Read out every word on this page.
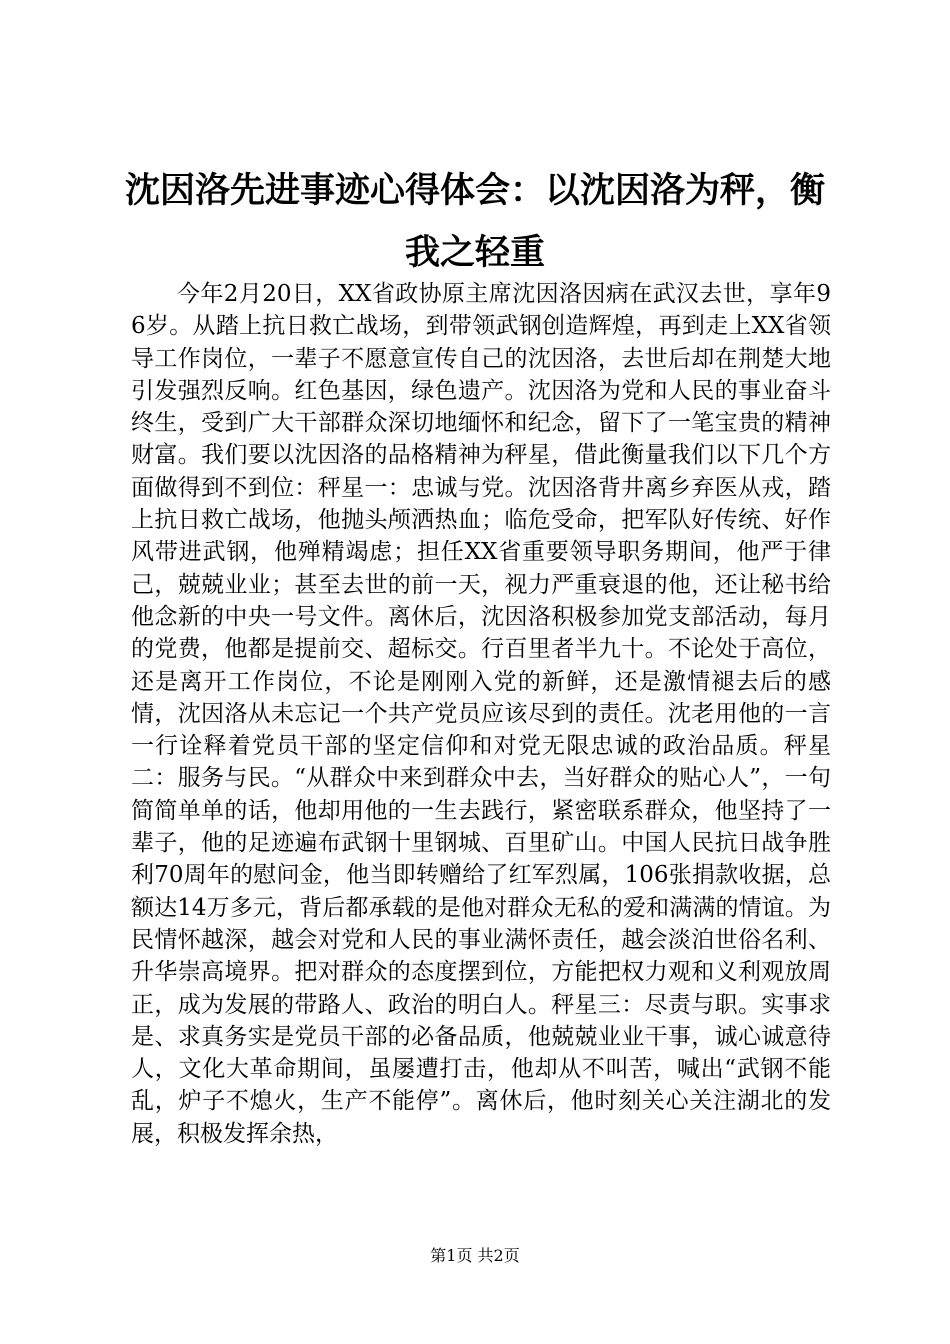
沈因洛先进事迹心得体会：以沈因洛为秤，衡我之轻重

今年2月20日，XX省政协原主席沈因洛因病在武汉去世，享年96岁。从踏上抗日救亡战场，到带领武钢创造辉煌，再到走上XX省领导工作岗位，一辈子不愿意宣传自己的沈因洛，去世后却在荆楚大地引发强烈反响。红色基因，绿色遗产。沈因洛为党和人民的事业奋斗终生，受到广大干部群众深切地缅怀和纪念，留下了一笔宝贵的精神财富。我们要以沈因洛的品格精神为秤星，借此衡量我们以下几个方面做得到不到位：秤星一：忠诚与党。沈因洛背井离乡弃医从戎，踏上抗日救亡战场，他抛头颅洒热血；临危受命，把军队好传统、好作风带进武钢，他殚精竭虑；担任XX省重要领导职务期间，他严于律己，兢兢业业；甚至去世的前一天，视力严重衰退的他，还让秘书给他念新的中央一号文件。离休后，沈因洛积极参加党支部活动，每月的党费，他都是提前交、超标交。行百里者半九十。不论处于高位，还是离开工作岗位，不论是刚刚入党的新鲜，还是激情褪去后的感情，沈因洛从未忘记一个共产党员应该尽到的责任。沈老用他的一言一行诠释着党员干部的坚定信仰和对党无限忠诚的政治品质。秤星二：服务与民。“从群众中来到群众中去，当好群众的贴心人”，一句简简单单的话，他却用他的一生去践行，紧密联系群众，他坚持了一辈子，他的足迹遍布武钢十里钢城、百里矿山。中国人民抗日战争胜利70周年的慰问金，他当即转赠给了红军烈属，106张捐款收据，总额达14万多元，背后都承载的是他对群众无私的爱和满满的情谊。为民情怀越深，越会对党和人民的事业满怀责任，越会淡泊世俗名利、升华崇高境界。把对群众的态度摆到位，方能把权力观和义利观放周正，成为发展的带路人、政治的明白人。秤星三：尽责与职。实事求是、求真务实是党员干部的必备品质，他兢兢业业干事，诚心诚意待人，文化大革命期间，虽屡遭打击，他却从不叫苦，喊出“武钢不能乱，炉子不熄火，生产不能停”。离休后，他时刻关心关注湖北的发展，积极发挥余热，

第1页 共2页
